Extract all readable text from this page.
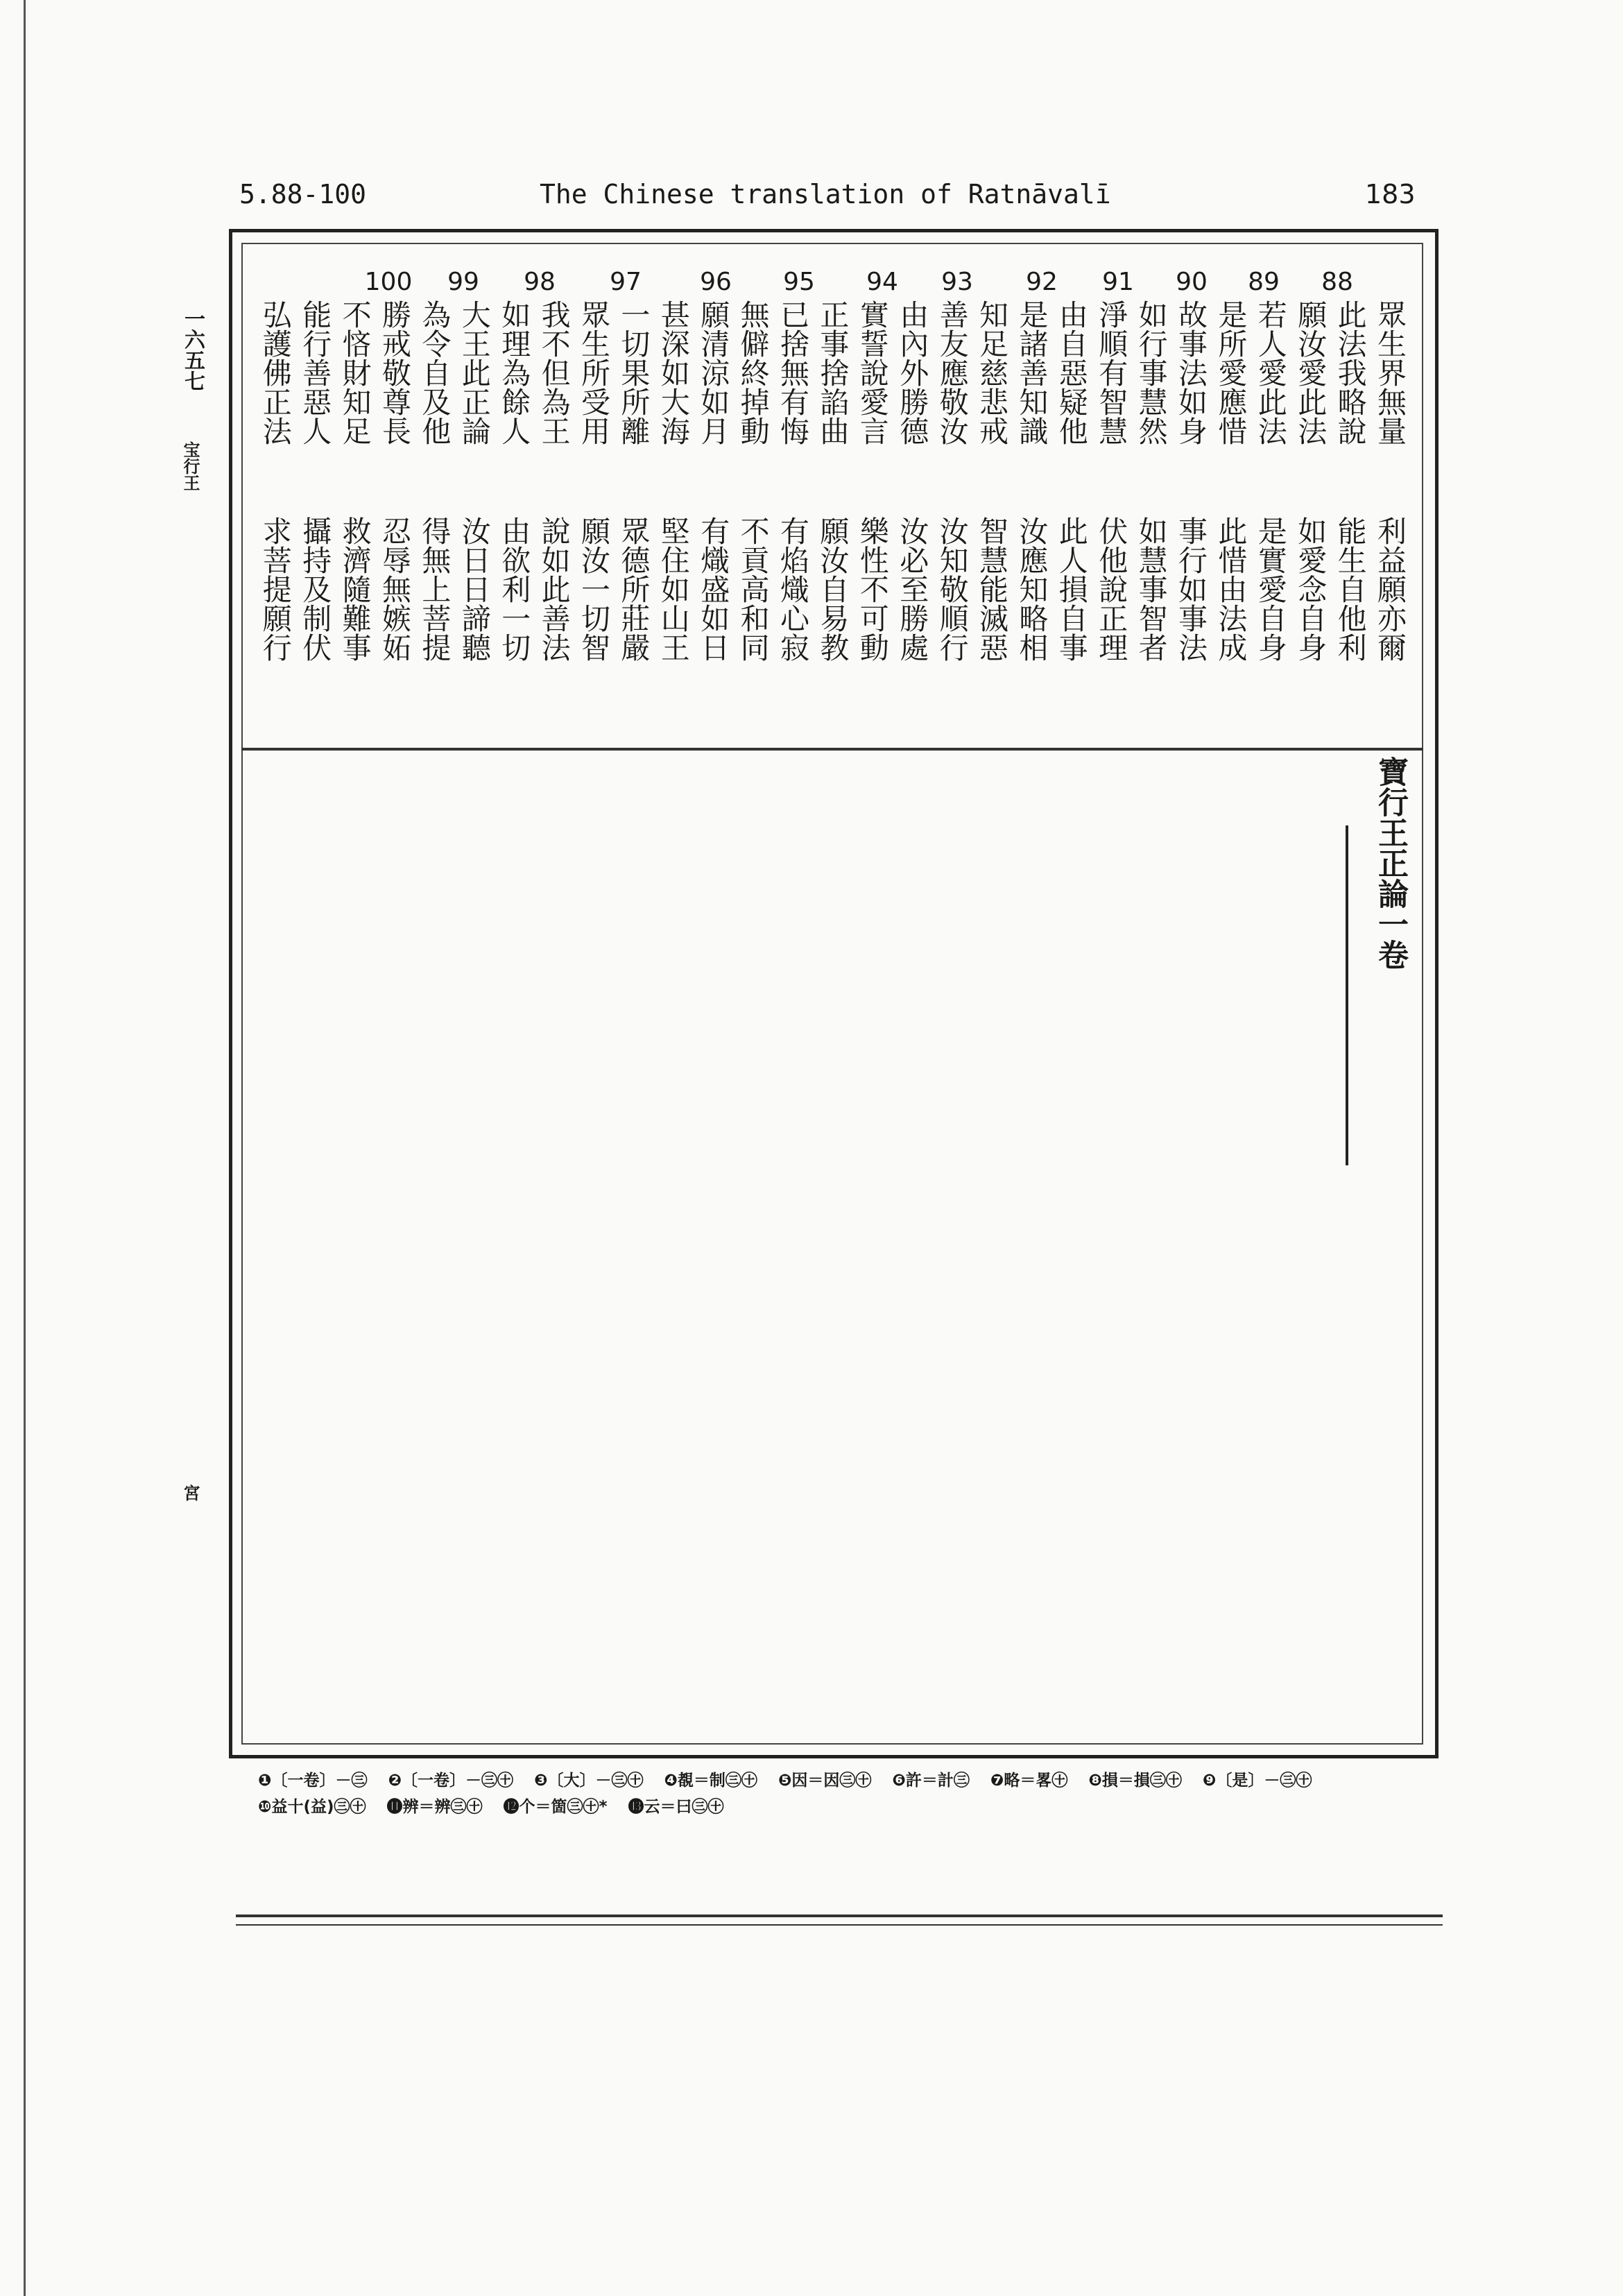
5.88-100	The Chinese translation of Ratnāvalī	183
一六五七
宝行王
宮
100	99	98	97	96	95	94	93	92	91	90	89	88
眾生界無量
此法我略說
願汝愛此法
若人愛此法
是所愛應惜
故事法如身
如行事慧然
淨順有智慧
由自惡疑他
是諸善知識
知足慈悲戒
善友應敬汝
由內外勝德
實誓說愛言
正事捨諂曲
已捨無有悔
無僻終掉動
願清涼如月
甚深如大海
一切果所離
眾生所受用
我不但為王
如理為餘人
大王此正論
為令自及他
勝戒敬尊長
不悋財知足
能行善惡人
弘護佛正法
利益願亦爾
能生自他利
如愛念自身
是實愛自身
此惜由法成
事行如事法
如慧事智者
伏他說正理
此人損自事
汝應知略相
智慧能滅惡
汝知敬順行
汝必至勝處
樂性不可動
願汝自易教
有焰熾心寂
不貢高和同
有熾盛如日
堅住如山王
眾德所莊嚴
願汝一切智
說如此善法
由欲利一切
汝日日諦聽
得無上菩提
忍辱無嫉妬
救濟隨難事
攝持及制伏
求菩提願行
寶行王正論一卷
❶〔一卷〕－㊂ ❷〔一卷〕－㊂㊉ ❸〔大〕－㊂㊉ ❹覩＝制㊂㊉ ❺因＝因㊂㊉ ❻許＝計㊂ ❼略＝畧㊉ ❽損＝損㊂㊉ ❾〔是〕－㊂㊉
❿益十(益)㊂㊉ ⓫辨＝辨㊂㊉ ⓬个＝箇㊂㊉* ⓭云＝曰㊂㊉
